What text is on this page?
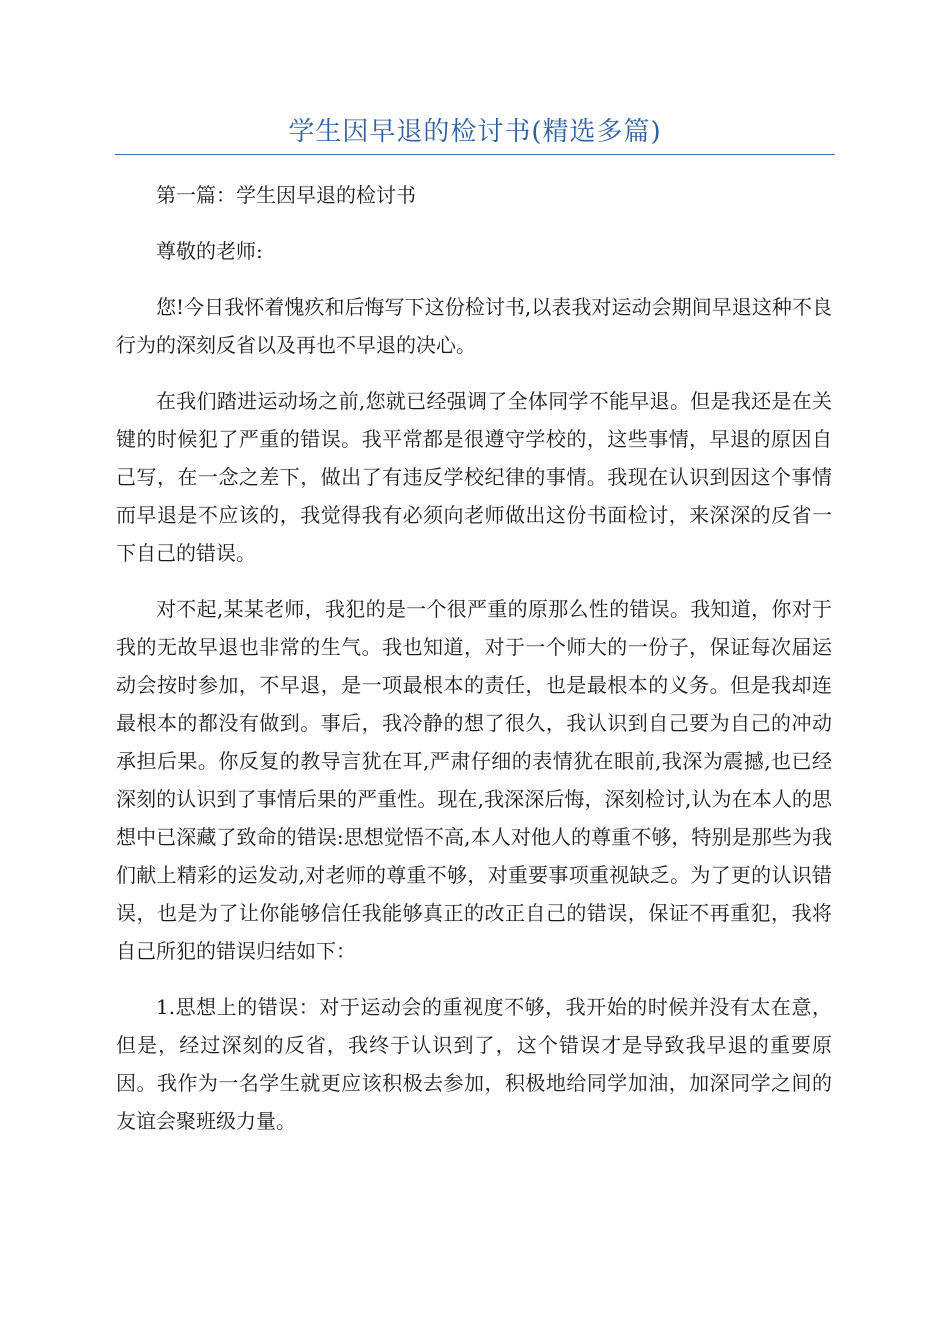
学生因早退的检讨书(精选多篇)

第一篇：学生因早退的检讨书

尊敬的老师:

您!今日我怀着愧疚和后悔写下这份检讨书,以表我对运动会期间早退这种不良行为的深刻反省以及再也不早退的决心。

在我们踏进运动场之前,您就已经强调了全体同学不能早退。但是我还是在关键的时候犯了严重的错误。我平常都是很遵守学校的，这些事情，早退的原因自己写，在一念之差下，做出了有违反学校纪律的事情。我现在认识到因这个事情而早退是不应该的，我觉得我有必须向老师做出这份书面检讨，来深深的反省一下自己的错误。

对不起,某某老师，我犯的是一个很严重的原那么性的错误。我知道，你对于我的无故早退也非常的生气。我也知道，对于一个师大的一份子，保证每次届运动会按时参加，不早退，是一项最根本的责任，也是最根本的义务。但是我却连最根本的都没有做到。事后，我冷静的想了很久，我认识到自己要为自己的冲动承担后果。你反复的教导言犹在耳,严肃仔细的表情犹在眼前,我深为震撼,也已经深刻的认识到了事情后果的严重性。现在,我深深后悔，深刻检讨,认为在本人的思想中已深藏了致命的错误:思想觉悟不高,本人对他人的尊重不够，特别是那些为我们献上精彩的运发动,对老师的尊重不够，对重要事项重视缺乏。为了更的认识错误，也是为了让你能够信任我能够真正的改正自己的错误，保证不再重犯，我将自己所犯的错误归结如下：

1.思想上的错误：对于运动会的重视度不够，我开始的时候并没有太在意，但是，经过深刻的反省，我终于认识到了，这个错误才是导致我早退的重要原因。我作为一名学生就更应该积极去参加，积极地给同学加油，加深同学之间的友谊会聚班级力量。
